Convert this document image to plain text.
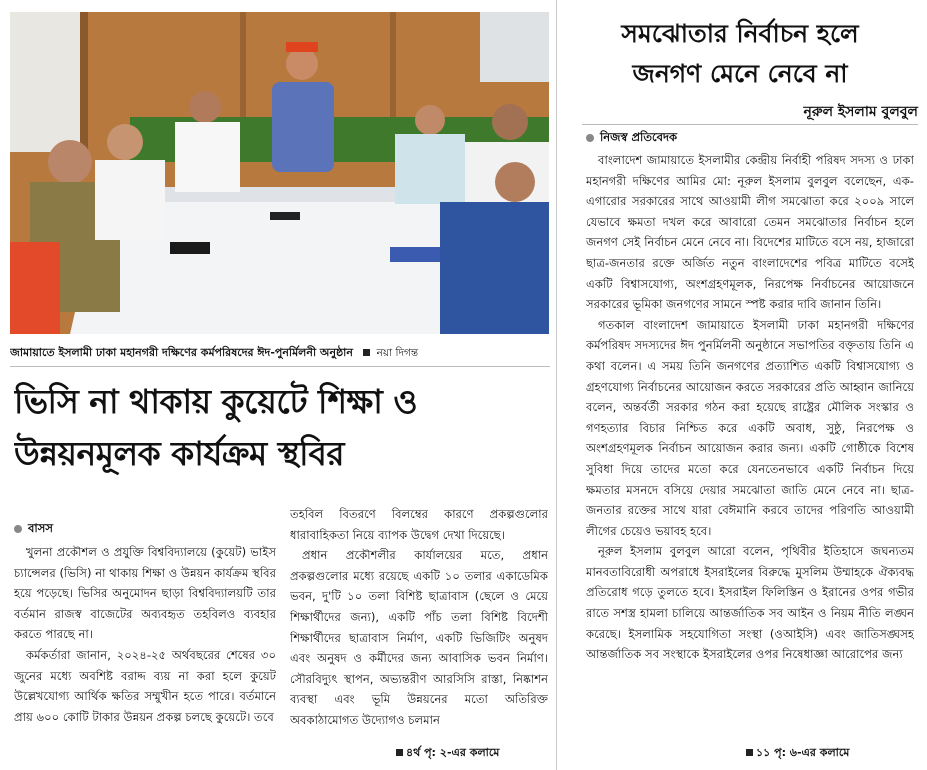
জামায়াতে ইসলামী ঢাকা মহানগরী দক্ষিণের কর্মপরিষদের ঈদ-পুনর্মিলনী অনুষ্ঠান নয়া দিগন্ত
ভিসি না থাকায় কুয়েটে শিক্ষা ও
উন্নয়নমূলক কার্যক্রম স্থবির
বাসস

খুলনা প্রকৌশল ও প্রযুক্তি বিশ্ববিদ্যালয়ে (কুয়েট) ভাইস চ্যান্সেলর (ভিসি) না থাকায় শিক্ষা ও উন্নয়ন কার্যক্রম স্থবির হয়ে পড়েছে। ভিসির অনুমোদন ছাড়া বিশ্ববিদ্যালয়টি তার বর্তমান রাজস্ব বাজেটের অব্যবহৃত তহবিলও ব্যবহার করতে পারছে না।

কর্মকর্তারা জানান, ২০২৪-২৫ অর্থবছরের শেষের ৩০ জুনের মধ্যে অবশিষ্ট বরাদ্দ ব্যয় না করা হলে কুয়েট উল্লেখযোগ্য আর্থিক ক্ষতির সম্মুখীন হতে পারে। বর্তমানে প্রায় ৬০০ কোটি টাকার উন্নয়ন প্রকল্প চলছে কুয়েটে। তবে

তহবিল বিতরণে বিলম্বের কারণে প্রকল্পগুলোর ধারাবাহিকতা নিয়ে ব্যাপক উদ্বেগ দেখা দিয়েছে।

প্রধান প্রকৌশলীর কার্যালয়ের মতে, প্রধান প্রকল্পগুলোর মধ্যে রয়েছে একটি ১০ তলার একাডেমিক ভবন, দু'টি ১০ তলা বিশিষ্ট ছাত্রাবাস (ছেলে ও মেয়ে শিক্ষার্থীদের জন্য), একটি পাঁচ তলা বিশিষ্ট বিদেশী শিক্ষার্থীদের ছাত্রাবাস নির্মাণ, একটি ভিজিটিং অনুষদ এবং অনুষদ ও কর্মীদের জন্য আবাসিক ভবন নির্মাণ। সৌরবিদ্যুৎ স্থাপন, অভ্যন্তরীণ আরসিসি রাস্তা, নিষ্কাশন ব্যবস্থা এবং ভূমি উন্নয়নের মতো অতিরিক্ত অবকাঠামোগত উদ্যোগও চলমান

৪র্থ পৃ: ২-এর কলামে
সমঝোতার নির্বাচন হলে
জনগণ মেনে নেবে না
নূরুল ইসলাম বুলবুল
নিজস্ব প্রতিবেদক

বাংলাদেশ জামায়াতে ইসলামীর কেন্দ্রীয় নির্বাহী পরিষদ সদস্য ও ঢাকা মহানগরী দক্ষিণের আমির মো: নূরুল ইসলাম বুলবুল বলেছেন, এক-এগারোর সরকারের সাথে আওয়ামী লীগ সমঝোতা করে ২০০৯ সালে যেভাবে ক্ষমতা দখল করে আবারো তেমন সমঝোতার নির্বাচন হলে জনগণ সেই নির্বাচন মেনে নেবে না। বিদেশের মাটিতে বসে নয়, হাজারো ছাত্র-জনতার রক্তে অর্জিত নতুন বাংলাদেশের পবিত্র মাটিতে বসেই একটি বিশ্বাসযোগ্য, অংশগ্রহণমূলক, নিরপেক্ষ নির্বাচনের আয়োজনে সরকারের ভূমিকা জনগণের সামনে স্পষ্ট করার দাবি জানান তিনি।

গতকাল বাংলাদেশ জামায়াতে ইসলামী ঢাকা মহানগরী দক্ষিণের কর্মপরিষদ সদস্যদের ঈদ পুনর্মিলনী অনুষ্ঠানে সভাপতির বক্তৃতায় তিনি এ কথা বলেন। এ সময় তিনি জনগণের প্রত্যাশিত একটি বিশ্বাসযোগ্য ও গ্রহণযোগ্য নির্বাচনের আয়োজন করতে সরকারের প্রতি আহ্বান জানিয়ে বলেন, অন্তর্বর্তী সরকার গঠন করা হয়েছে রাষ্ট্রের মৌলিক সংস্কার ও গণহত্যার বিচার নিশ্চিত করে একটি অবাধ, সুষ্ঠু, নিরপেক্ষ ও অংশগ্রহণমূলক নির্বাচন আয়োজন করার জন্য। একটি গোষ্ঠীকে বিশেষ সুবিধা দিয়ে তাদের মতো করে যেনতেনভাবে একটি নির্বাচন দিয়ে ক্ষমতার মসনদে বসিয়ে দেয়ার সমঝোতা জাতি মেনে নেবে না। ছাত্র-জনতার রক্তের সাথে যারা বেঈমানি করবে তাদের পরিণতি আওয়ামী লীগের চেয়েও ভয়াবহ হবে।

নূরুল ইসলাম বুলবুল আরো বলেন, পৃথিবীর ইতিহাসে জঘন্যতম মানবতাবিরোধী অপরাধে ইসরাইলের বিরুদ্ধে মুসলিম উম্মাহকে ঐক্যবদ্ধ প্রতিরোধ গড়ে তুলতে হবে। ইসরাইল ফিলিস্তিন ও ইরানের ওপর গভীর রাতে সশস্ত্র হামলা চালিয়ে আন্তর্জাতিক সব আইন ও নিয়ম নীতি লঙ্ঘন করেছে। ইসলামিক সহযোগিতা সংস্থা (ওআইসি) এবং জাতিসঙ্ঘসহ আন্তর্জাতিক সব সংস্থাকে ইসরাইলের ওপর নিষেধাজ্ঞা আরোপের জন্য

১১ পৃ: ৬-এর কলামে
